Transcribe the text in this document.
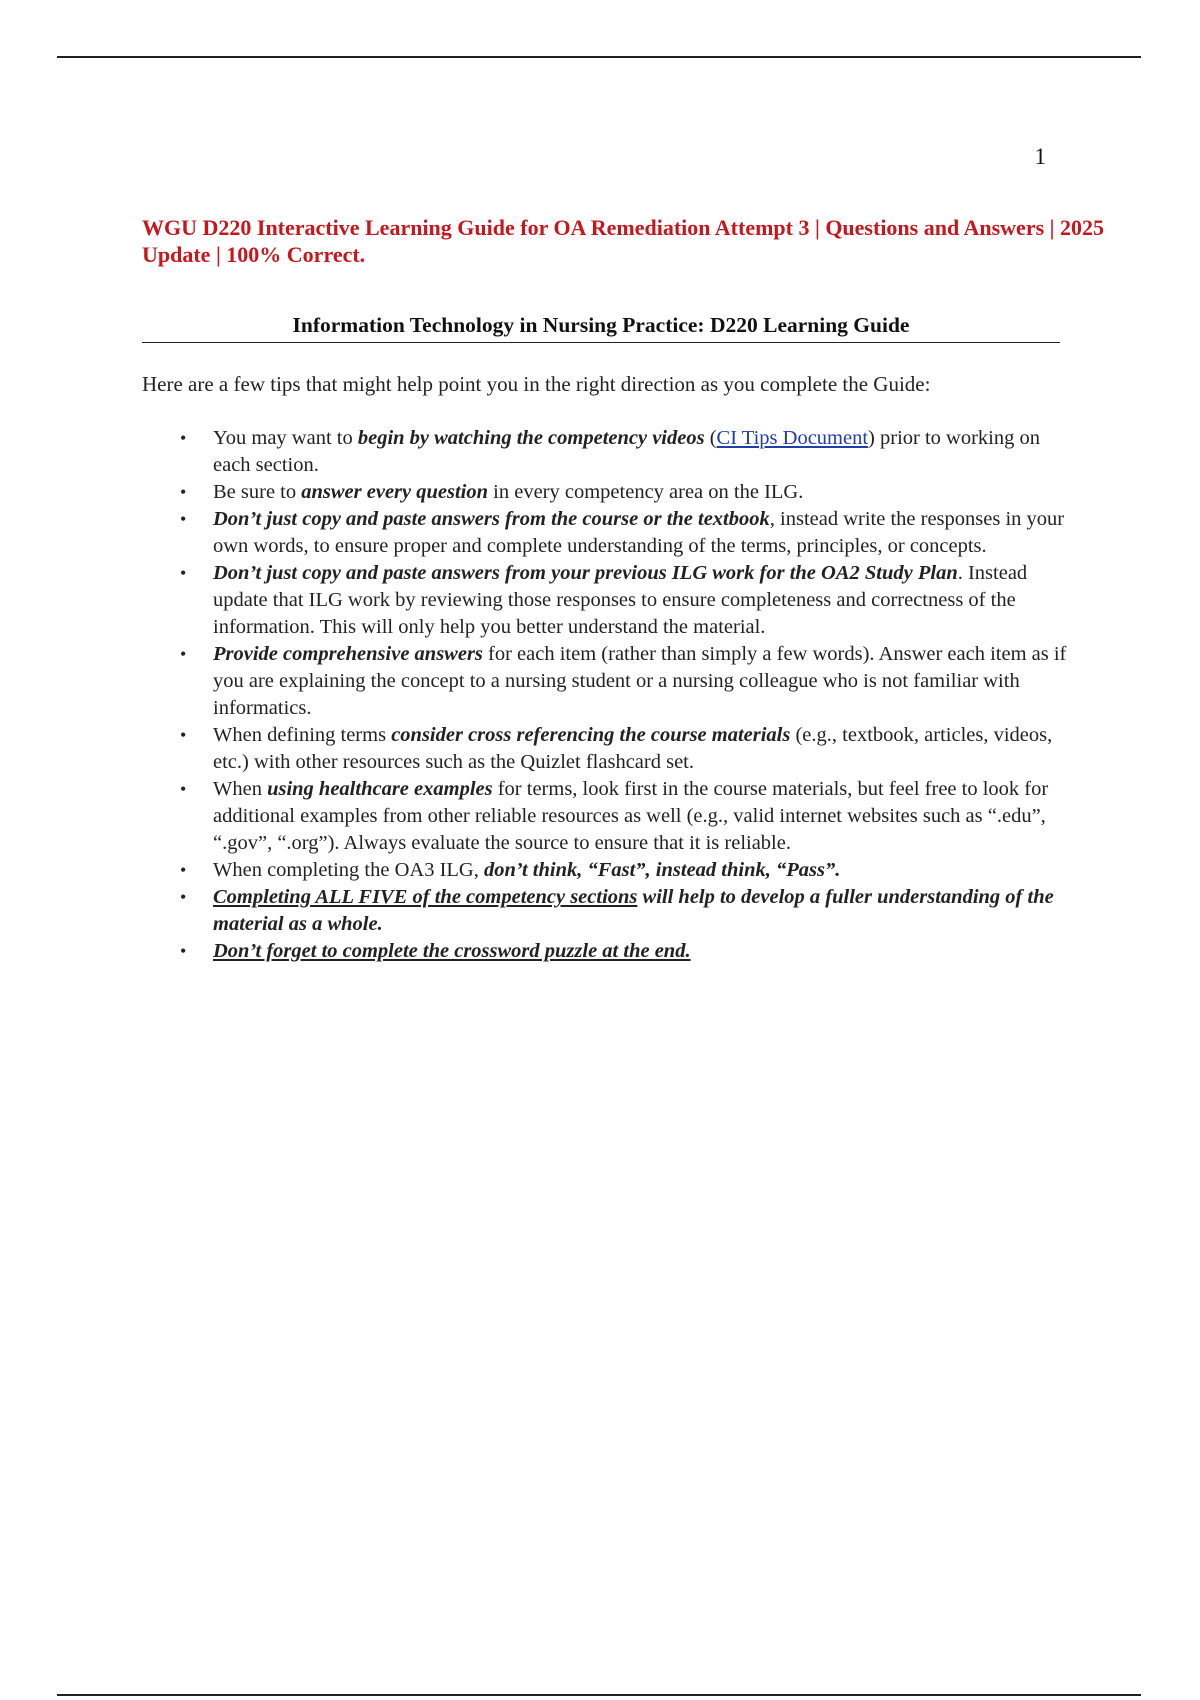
1
WGU D220 Interactive Learning Guide for OA Remediation Attempt 3 | Questions and Answers | 2025 Update | 100% Correct.
Information Technology in Nursing Practice: D220 Learning Guide
Here are a few tips that might help point you in the right direction as you complete the Guide:
• You may want to begin by watching the competency videos (CI Tips Document) prior to working on each section.
• Be sure to answer every question in every competency area on the ILG.
• Don’t just copy and paste answers from the course or the textbook, instead write the responses in your own words, to ensure proper and complete understanding of the terms, principles, or concepts.
• Don’t just copy and paste answers from your previous ILG work for the OA2 Study Plan. Instead update that ILG work by reviewing those responses to ensure completeness and correctness of the information. This will only help you better understand the material.
• Provide comprehensive answers for each item (rather than simply a few words). Answer each item as if you are explaining the concept to a nursing student or a nursing colleague who is not familiar with informatics.
• When defining terms consider cross referencing the course materials (e.g., textbook, articles, videos, etc.) with other resources such as the Quizlet flashcard set.
• When using healthcare examples for terms, look first in the course materials, but feel free to look for additional examples from other reliable resources as well (e.g., valid internet websites such as “.edu”, “.gov”, “.org”). Always evaluate the source to ensure that it is reliable.
• When completing the OA3 ILG, don’t think, “Fast”, instead think, “Pass”.
• Completing ALL FIVE of the competency sections will help to develop a fuller understanding of the material as a whole.
• Don’t forget to complete the crossword puzzle at the end.
